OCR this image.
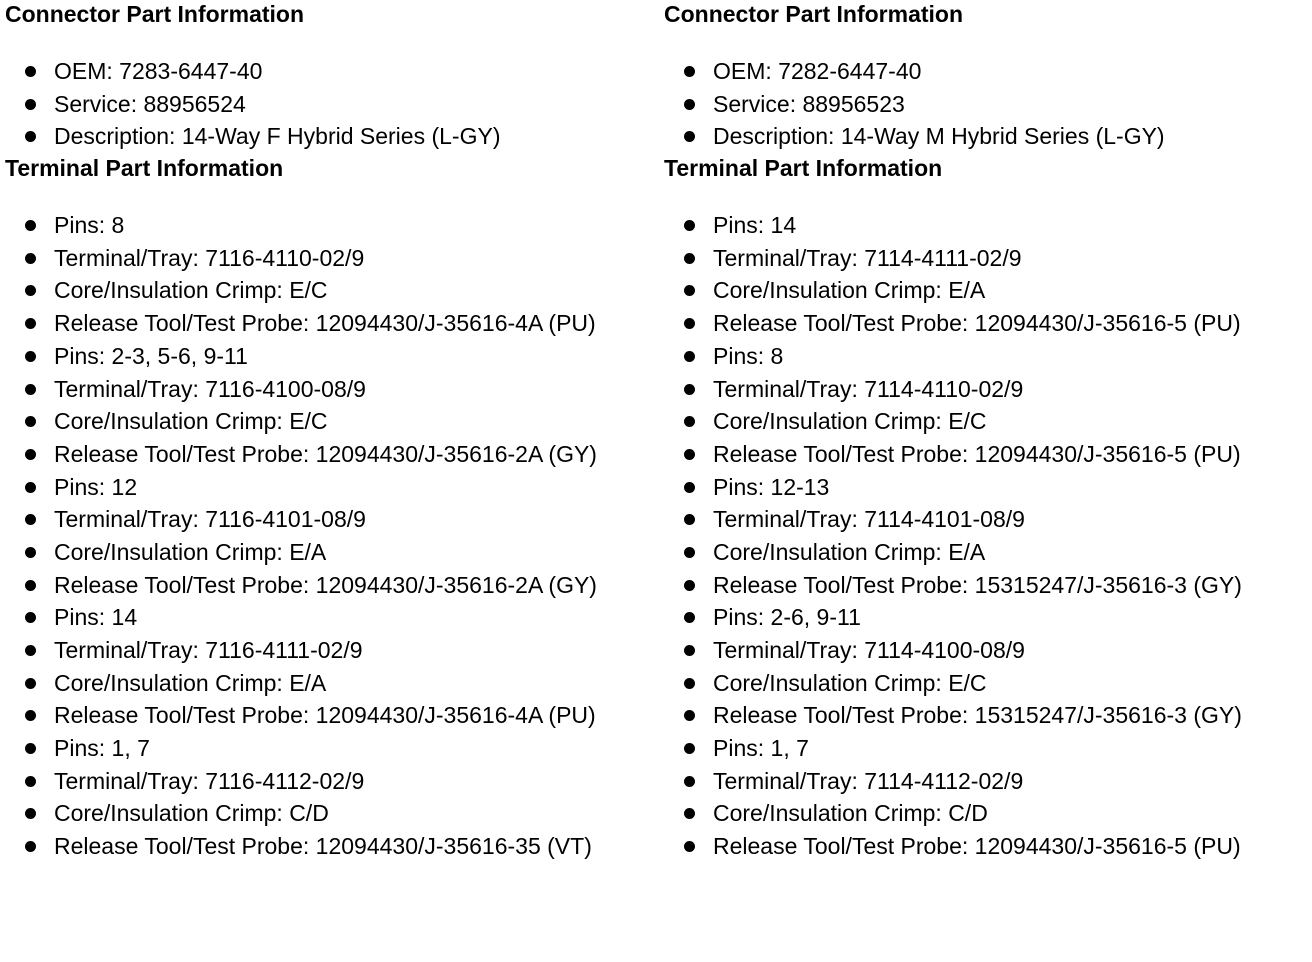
Connector Part Information
OEM: 7283-6447-40
Service: 88956524
Description: 14-Way F Hybrid Series (L-GY)
Terminal Part Information
Pins: 8
Terminal/Tray: 7116-4110-02/9
Core/Insulation Crimp: E/C
Release Tool/Test Probe: 12094430/J-35616-4A (PU)
Pins: 2-3, 5-6, 9-11
Terminal/Tray: 7116-4100-08/9
Core/Insulation Crimp: E/C
Release Tool/Test Probe: 12094430/J-35616-2A (GY)
Pins: 12
Terminal/Tray: 7116-4101-08/9
Core/Insulation Crimp: E/A
Release Tool/Test Probe: 12094430/J-35616-2A (GY)
Pins: 14
Terminal/Tray: 7116-4111-02/9
Core/Insulation Crimp: E/A
Release Tool/Test Probe: 12094430/J-35616-4A (PU)
Pins: 1, 7
Terminal/Tray: 7116-4112-02/9
Core/Insulation Crimp: C/D
Release Tool/Test Probe: 12094430/J-35616-35 (VT)
Connector Part Information
OEM: 7282-6447-40
Service: 88956523
Description: 14-Way M Hybrid Series (L-GY)
Terminal Part Information
Pins: 14
Terminal/Tray: 7114-4111-02/9
Core/Insulation Crimp: E/A
Release Tool/Test Probe: 12094430/J-35616-5 (PU)
Pins: 8
Terminal/Tray: 7114-4110-02/9
Core/Insulation Crimp: E/C
Release Tool/Test Probe: 12094430/J-35616-5 (PU)
Pins: 12-13
Terminal/Tray: 7114-4101-08/9
Core/Insulation Crimp: E/A
Release Tool/Test Probe: 15315247/J-35616-3 (GY)
Pins: 2-6, 9-11
Terminal/Tray: 7114-4100-08/9
Core/Insulation Crimp: E/C
Release Tool/Test Probe: 15315247/J-35616-3 (GY)
Pins: 1, 7
Terminal/Tray: 7114-4112-02/9
Core/Insulation Crimp: C/D
Release Tool/Test Probe: 12094430/J-35616-5 (PU)
